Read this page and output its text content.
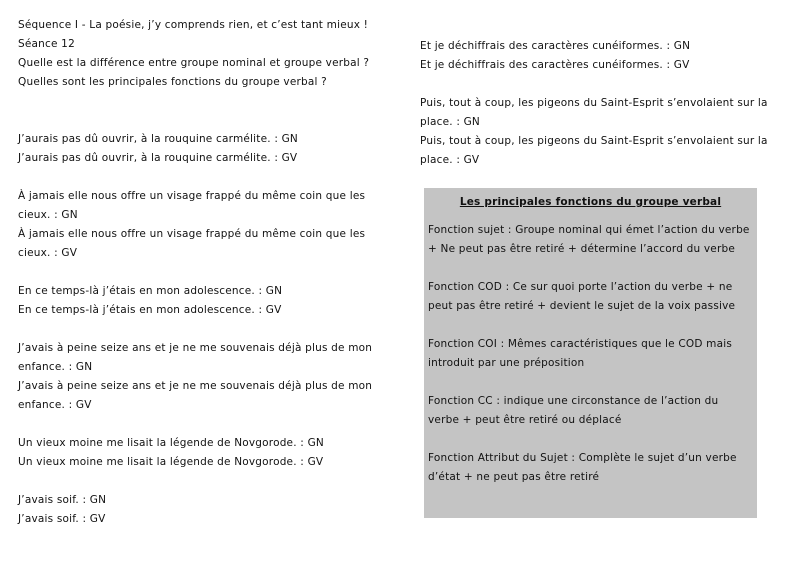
Séquence I - La poésie, j’y comprends rien, et c’est tant mieux !

Séance 12

Quelle est la différence entre groupe nominal et groupe verbal ?

Quelles sont les principales fonctions du groupe verbal ?

J’aurais pas dû ouvrir, à la rouquine carmélite. : GN

J’aurais pas dû ouvrir, à la rouquine carmélite. : GV

À jamais elle nous offre un visage frappé du même coin que les cieux. : GN

À jamais elle nous offre un visage frappé du même coin que les cieux. : GV

En ce temps-là j’étais en mon adolescence. : GN

En ce temps-là j’étais en mon adolescence. : GV

J’avais à peine seize ans et je ne me souvenais déjà plus de mon enfance. : GN

J’avais à peine seize ans et je ne me souvenais déjà plus de mon enfance. : GV

Un vieux moine me lisait la légende de Novgorode. : GN

Un vieux moine me lisait la légende de Novgorode. : GV

J’avais soif. : GN

J’avais soif. : GV

Et je déchiffrais des caractères cunéiformes. : GN

Et je déchiffrais des caractères cunéiformes. : GV

Puis, tout à coup, les pigeons du Saint-Esprit s’envolaient sur la place. : GN

Puis, tout à coup, les pigeons du Saint-Esprit s’envolaient sur la place. : GV

Les principales fonctions du groupe verbal

Fonction sujet : Groupe nominal qui émet l’action du verbe + Ne peut pas être retiré + détermine l’accord du verbe

Fonction COD : Ce sur quoi porte l’action du verbe + ne peut pas être retiré + devient le sujet de la voix passive

Fonction COI : Mêmes caractéristiques que le COD mais introduit par une préposition

Fonction CC : indique une circonstance de l’action du verbe + peut être retiré ou déplacé

Fonction Attribut du Sujet : Complète le sujet d’un verbe d’état + ne peut pas être retiré
